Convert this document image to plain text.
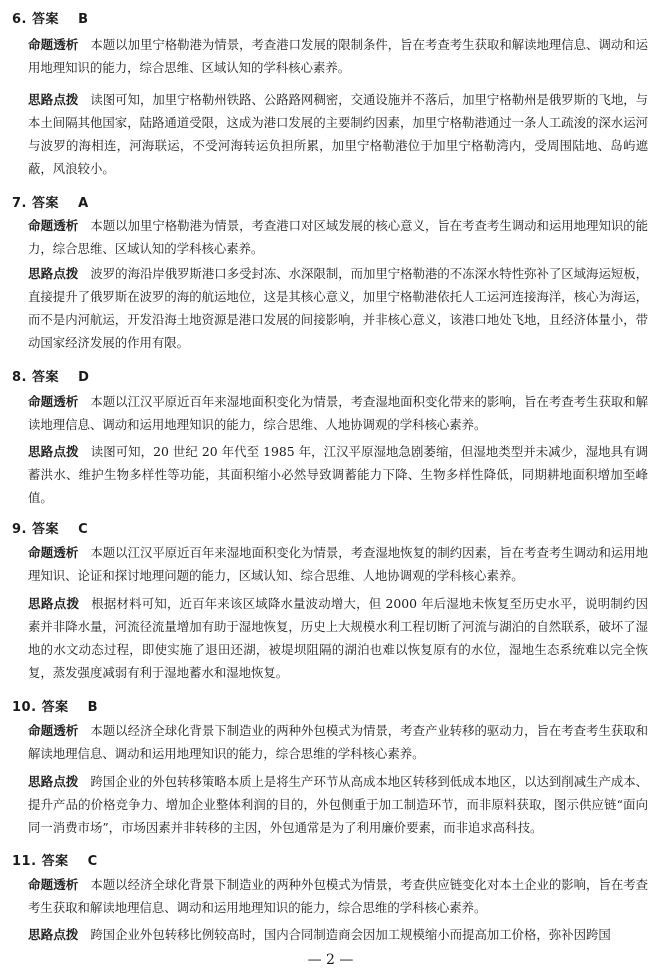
6. 答案 B
命题透析 本题以加里宁格勒港为情景，考查港口发展的限制条件，旨在考查考生获取和解读地理信息、调动和运用地理知识的能力，综合思维、区域认知的学科核心素养。
思路点拨 读图可知，加里宁格勒州铁路、公路路网稠密，交通设施并不落后，加里宁格勒州是俄罗斯的飞地，与本土间隔其他国家，陆路通道受限，这成为港口发展的主要制约因素，加里宁格勒港通过一条人工疏浚的深水运河与波罗的海相连，河海联运，不受河海转运负担所累，加里宁格勒港位于加里宁格勒湾内，受周围陆地、岛屿遮蔽，风浪较小。
7. 答案 A
命题透析 本题以加里宁格勒港为情景，考查港口对区域发展的核心意义，旨在考查考生调动和运用地理知识的能力，综合思维、区域认知的学科核心素养。
思路点拨 波罗的海沿岸俄罗斯港口多受封冻、水深限制，而加里宁格勒港的不冻深水特性弥补了区域海运短板，直接提升了俄罗斯在波罗的海的航运地位，这是其核心意义，加里宁格勒港依托人工运河连接海洋，核心为海运，而不是内河航运，开发沿海土地资源是港口发展的间接影响，并非核心意义，该港口地处飞地，且经济体量小，带动国家经济发展的作用有限。
8. 答案 D
命题透析 本题以江汉平原近百年来湿地面积变化为情景，考查湿地面积变化带来的影响，旨在考查考生获取和解读地理信息、调动和运用地理知识的能力，综合思维、人地协调观的学科核心素养。
思路点拨 读图可知，20 世纪 20 年代至 1985 年，江汉平原湿地急剧萎缩，但湿地类型并未减少，湿地具有调蓄洪水、维护生物多样性等功能，其面积缩小必然导致调蓄能力下降、生物多样性降低，同期耕地面积增加至峰值。
9. 答案 C
命题透析 本题以江汉平原近百年来湿地面积变化为情景，考查湿地恢复的制约因素，旨在考查考生调动和运用地理知识、论证和探讨地理问题的能力，区域认知、综合思维、人地协调观的学科核心素养。
思路点拨 根据材料可知，近百年来该区域降水量波动增大，但 2000 年后湿地未恢复至历史水平，说明制约因素并非降水量，河流径流量增加有助于湿地恢复，历史上大规模水利工程切断了河流与湖泊的自然联系，破坏了湿地的水文动态过程，即使实施了退田还湖，被堤坝阻隔的湖泊也难以恢复原有的水位，湿地生态系统难以完全恢复，蒸发强度减弱有利于湿地蓄水和湿地恢复。
10. 答案 B
命题透析 本题以经济全球化背景下制造业的两种外包模式为情景，考查产业转移的驱动力，旨在考查考生获取和解读地理信息、调动和运用地理知识的能力，综合思维的学科核心素养。
思路点拨 跨国企业的外包转移策略本质上是将生产环节从高成本地区转移到低成本地区，以达到削减生产成本、提升产品的价格竞争力、增加企业整体利润的目的，外包侧重于加工制造环节，而非原料获取，图示供应链“面向同一消费市场”，市场因素并非转移的主因，外包通常是为了利用廉价要素，而非追求高科技。
11. 答案 C
命题透析 本题以经济全球化背景下制造业的两种外包模式为情景，考查供应链变化对本土企业的影响，旨在考查考生获取和解读地理信息、调动和运用地理知识的能力，综合思维的学科核心素养。
思路点拨 跨国企业外包转移比例较高时，国内合同制造商会因加工规模缩小而提高加工价格，弥补因跨国
— 2 —
